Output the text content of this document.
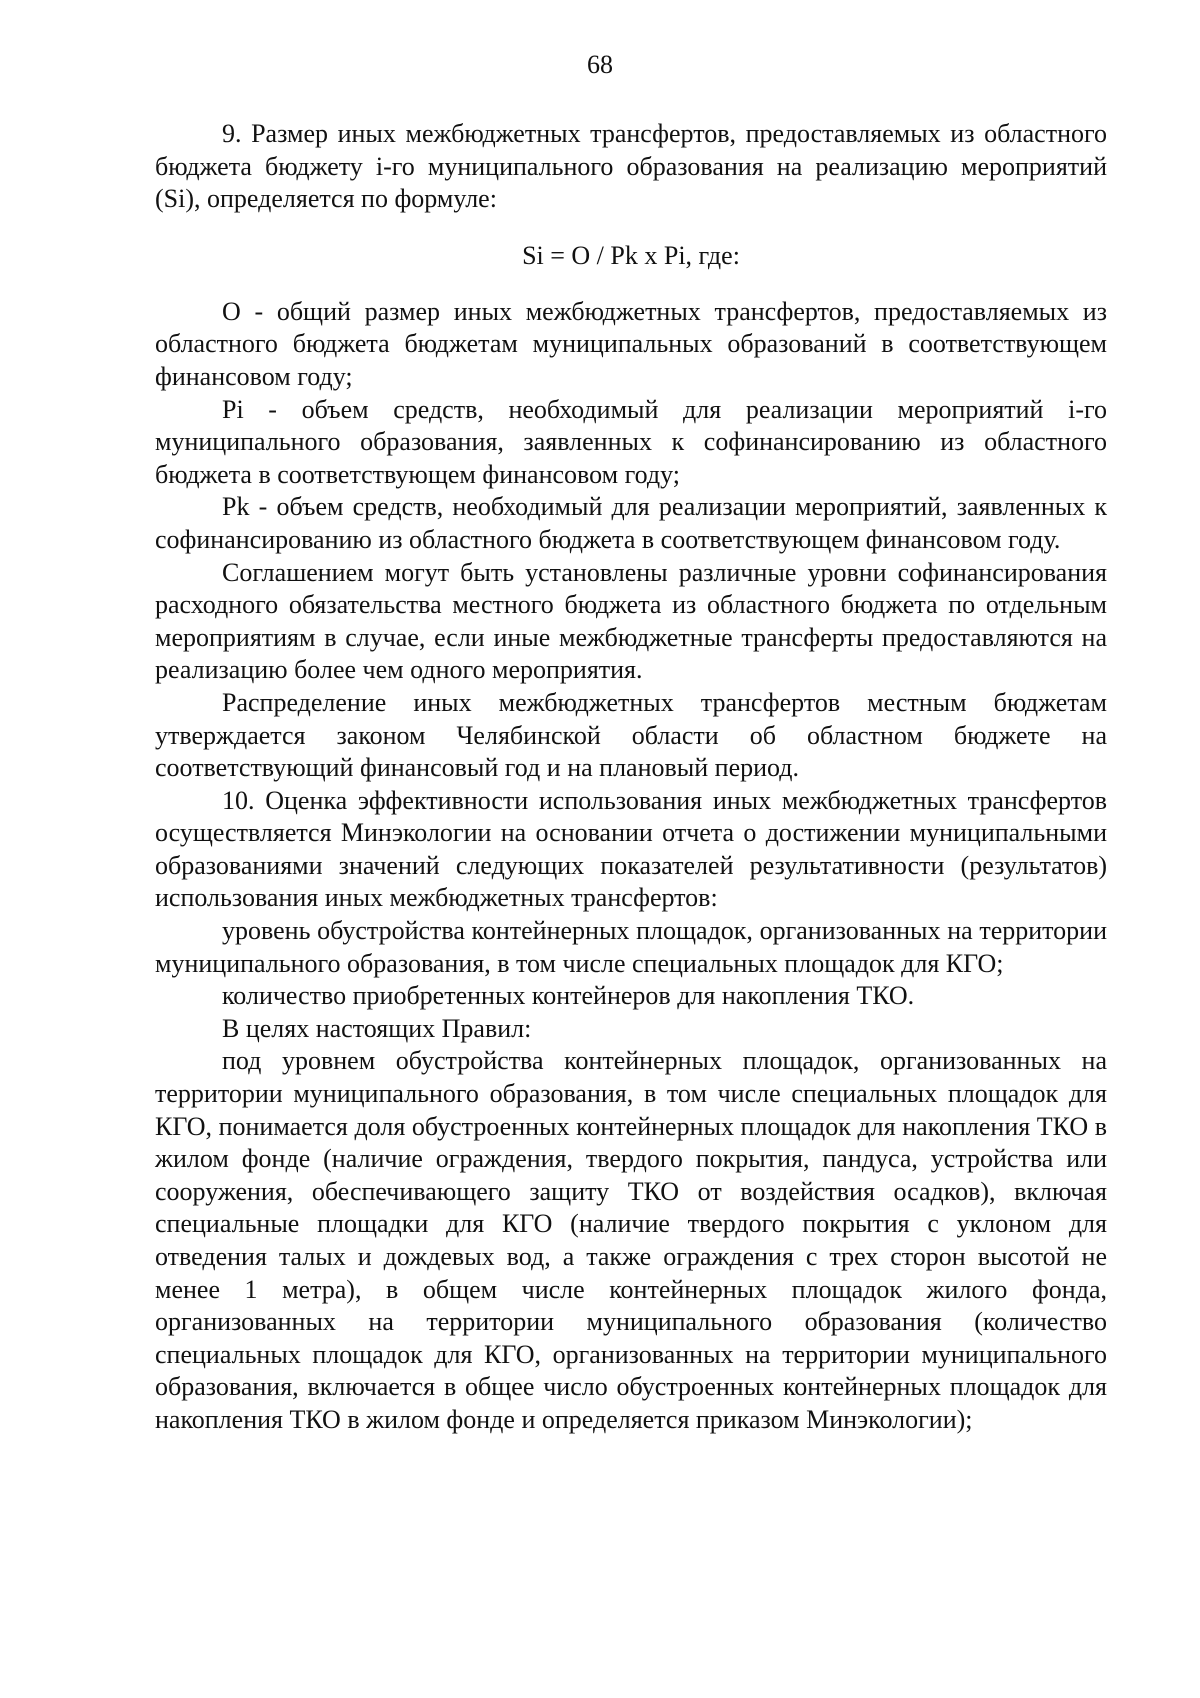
68

9. Размер иных межбюджетных трансфертов, предоставляемых из областного бюджета бюджету i-го муниципального образования на реализацию мероприятий (Si), определяется по формуле:

Si = O / Pk x Pi, где:

О - общий размер иных межбюджетных трансфертов, предоставляемых из областного бюджета бюджетам муниципальных образований в соответствующем финансовом году;

Pi - объем средств, необходимый для реализации мероприятий i-го муниципального образования, заявленных к софинансированию из областного бюджета в соответствующем финансовом году;

Pk - объем средств, необходимый для реализации мероприятий, заявленных к софинансированию из областного бюджета в соответствующем финансовом году.

Соглашением могут быть установлены различные уровни софинансирования расходного обязательства местного бюджета из областного бюджета по отдельным мероприятиям в случае, если иные межбюджетные трансферты предоставляются на реализацию более чем одного мероприятия.

Распределение иных межбюджетных трансфертов местным бюджетам утверждается законом Челябинской области об областном бюджете на соответствующий финансовый год и на плановый период.

10. Оценка эффективности использования иных межбюджетных трансфертов осуществляется Минэкологии на основании отчета о достижении муниципальными образованиями значений следующих показателей результативности (результатов) использования иных межбюджетных трансфертов:

уровень обустройства контейнерных площадок, организованных на территории муниципального образования, в том числе специальных площадок для КГО;

количество приобретенных контейнеров для накопления ТКО.

В целях настоящих Правил:

под уровнем обустройства контейнерных площадок, организованных на территории муниципального образования, в том числе специальных площадок для КГО, понимается доля обустроенных контейнерных площадок для накопления ТКО в жилом фонде (наличие ограждения, твердого покрытия, пандуса, устройства или сооружения, обеспечивающего защиту ТКО от воздействия осадков), включая специальные площадки для КГО (наличие твердого покрытия с уклоном для отведения талых и дождевых вод, а также ограждения с трех сторон высотой не менее 1 метра), в общем числе контейнерных площадок жилого фонда, организованных на территории муниципального образования (количество специальных площадок для КГО, организованных на территории муниципального образования, включается в общее число обустроенных контейнерных площадок для накопления ТКО в жилом фонде и определяется приказом Минэкологии);
